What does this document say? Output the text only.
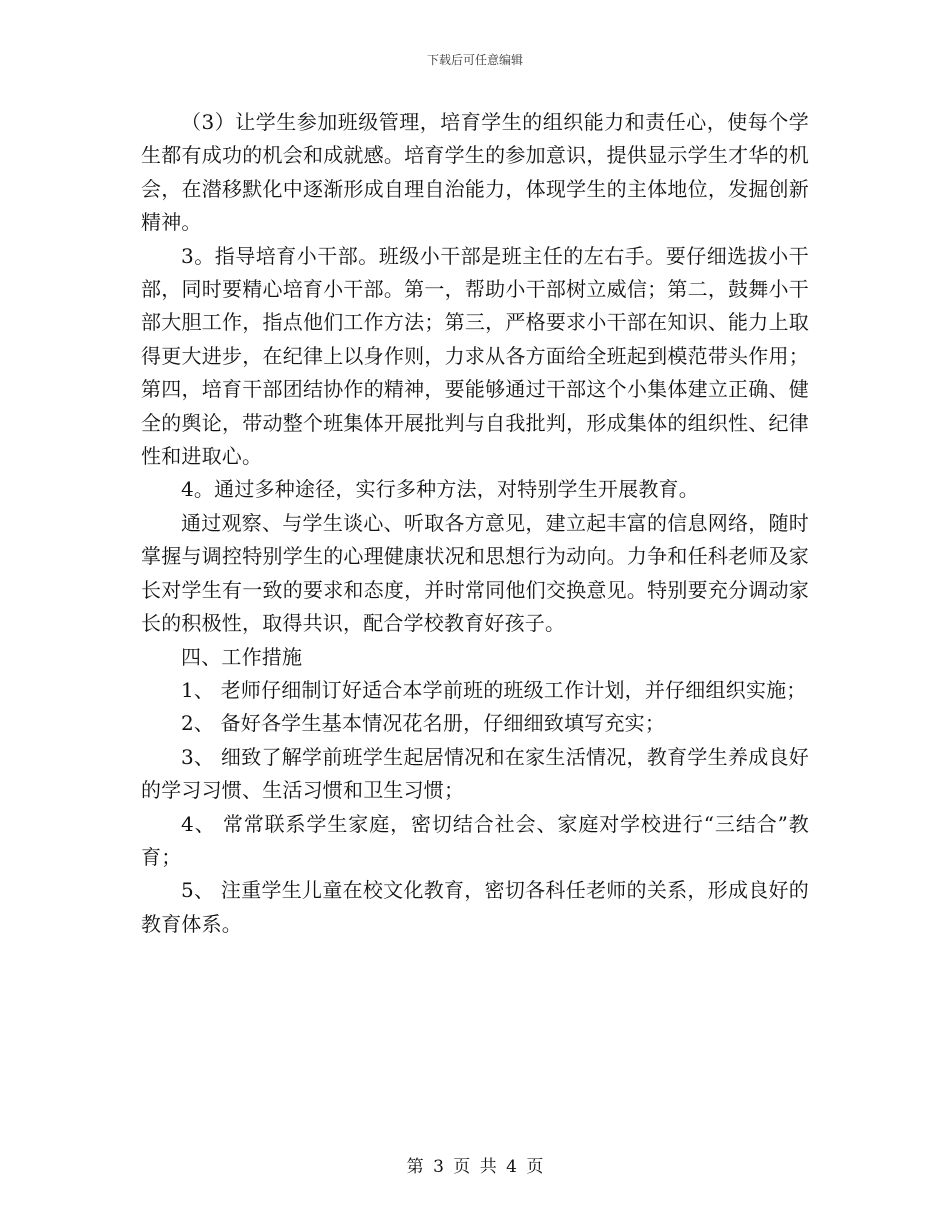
下载后可任意编辑

（3）让学生参加班级管理，培育学生的组织能力和责任心，使每个学生都有成功的机会和成就感。培育学生的参加意识，提供显示学生才华的机会，在潜移默化中逐渐形成自理自治能力，体现学生的主体地位，发掘创新精神。

3。指导培育小干部。班级小干部是班主任的左右手。要仔细选拔小干部，同时要精心培育小干部。第一，帮助小干部树立威信；第二，鼓舞小干部大胆工作，指点他们工作方法；第三，严格要求小干部在知识、能力上取得更大进步，在纪律上以身作则，力求从各方面给全班起到模范带头作用；第四，培育干部团结协作的精神，要能够通过干部这个小集体建立正确、健全的舆论，带动整个班集体开展批判与自我批判，形成集体的组织性、纪律性和进取心。

4。通过多种途径，实行多种方法，对特别学生开展教育。

通过观察、与学生谈心、听取各方意见，建立起丰富的信息网络，随时掌握与调控特别学生的心理健康状况和思想行为动向。力争和任科老师及家长对学生有一致的要求和态度，并时常同他们交换意见。特别要充分调动家长的积极性，取得共识，配合学校教育好孩子。

四、工作措施

1、 老师仔细制订好适合本学前班的班级工作计划，并仔细组织实施；

2、 备好各学生基本情况花名册，仔细细致填写充实；

3、 细致了解学前班学生起居情况和在家生活情况，教育学生养成良好的学习习惯、生活习惯和卫生习惯；

4、 常常联系学生家庭，密切结合社会、家庭对学校进行“三结合”教育；

5、 注重学生儿童在校文化教育，密切各科任老师的关系，形成良好的教育体系。

第 3 页 共 4 页
